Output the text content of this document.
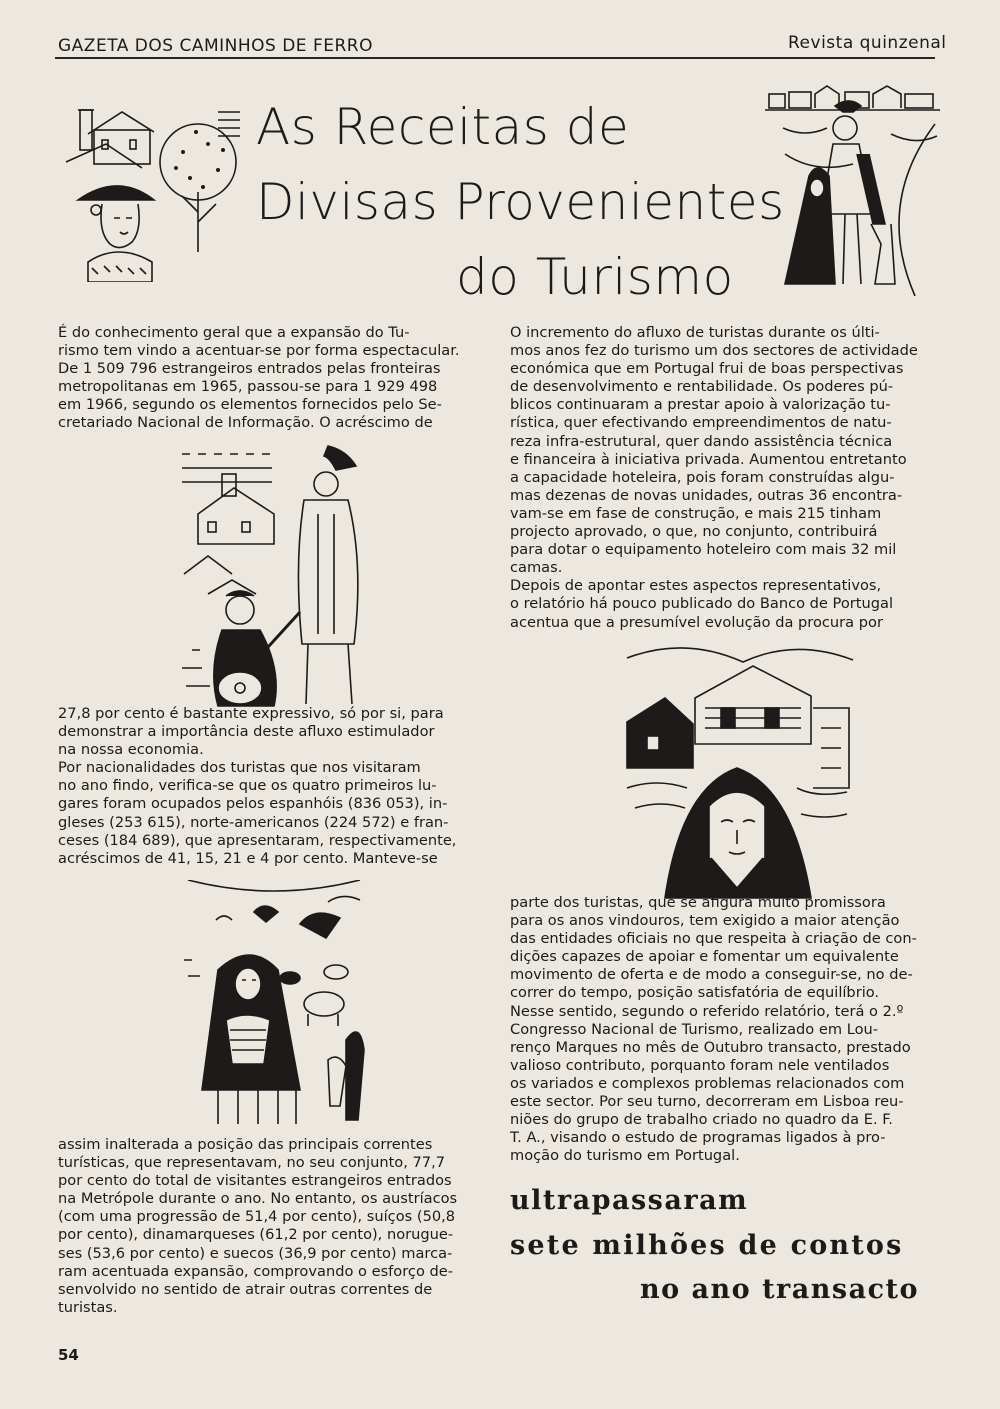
GAZETA DOS CAMINHOS DE FERRO	Revista quinzenal
As Receitas de
Divisas Provenientes
do Turismo
É do conhecimento geral que a expansão do Tu-
rismo tem vindo a acentuar-se por forma espectacular.
De 1 509 796 estrangeiros entrados pelas fronteiras
metropolitanas em 1965, passou-se para 1 929 498
em 1966, segundo os elementos fornecidos pelo Se-
cretariado Nacional de Informação. O acréscimo de
27,8 por cento é bastante expressivo, só por si, para
demonstrar a importância deste afluxo estimulador
na nossa economia.
Por nacionalidades dos turistas que nos visitaram
no ano findo, verifica-se que os quatro primeiros lu-
gares foram ocupados pelos espanhóis (836 053), in-
gleses (253 615), norte-americanos (224 572) e fran-
ceses (184 689), que apresentaram, respectivamente,
acréscimos de 41, 15, 21 e 4 por cento. Manteve-se
assim inalterada a posição das principais correntes
turísticas, que representavam, no seu conjunto, 77,7
por cento do total de visitantes estrangeiros entrados
na Metrópole durante o ano. No entanto, os austríacos
(com uma progressão de 51,4 por cento), suíços (50,8
por cento), dinamarqueses (61,2 por cento), norugue-
ses (53,6 por cento) e suecos (36,9 por cento) marca-
ram acentuada expansão, comprovando o esforço de-
senvolvido no sentido de atrair outras correntes de
turistas.
O incremento do afluxo de turistas durante os últi-
mos anos fez do turismo um dos sectores de actividade
económica que em Portugal frui de boas perspectivas
de desenvolvimento e rentabilidade. Os poderes pú-
blicos continuaram a prestar apoio à valorização tu-
rística, quer efectivando empreendimentos de natu-
reza infra-estrutural, quer dando assistência técnica
e financeira à iniciativa privada. Aumentou entretanto
a capacidade hoteleira, pois foram construídas algu-
mas dezenas de novas unidades, outras 36 encontra-
vam-se em fase de construção, e mais 215 tinham
projecto aprovado, o que, no conjunto, contribuirá
para dotar o equipamento hoteleiro com mais 32 mil
camas.
Depois de apontar estes aspectos representativos,
o relatório há pouco publicado do Banco de Portugal
acentua que a presumível evolução da procura por
parte dos turistas, que se afigura muito promissora
para os anos vindouros, tem exigido a maior atenção
das entidades oficiais no que respeita à criação de con-
dições capazes de apoiar e fomentar um equivalente
movimento de oferta e de modo a conseguir-se, no de-
correr do tempo, posição satisfatória de equilíbrio.
Nesse sentido, segundo o referido relatório, terá o 2.º
Congresso Nacional de Turismo, realizado em Lou-
renço Marques no mês de Outubro transacto, prestado
valioso contributo, porquanto foram nele ventilados
os variados e complexos problemas relacionados com
este sector. Por seu turno, decorreram em Lisboa reu-
niões do grupo de trabalho criado no quadro da E. F.
T. A., visando o estudo de programas ligados à pro-
moção do turismo em Portugal.
ultrapassaram
sete milhões de contos
no ano transacto
54
